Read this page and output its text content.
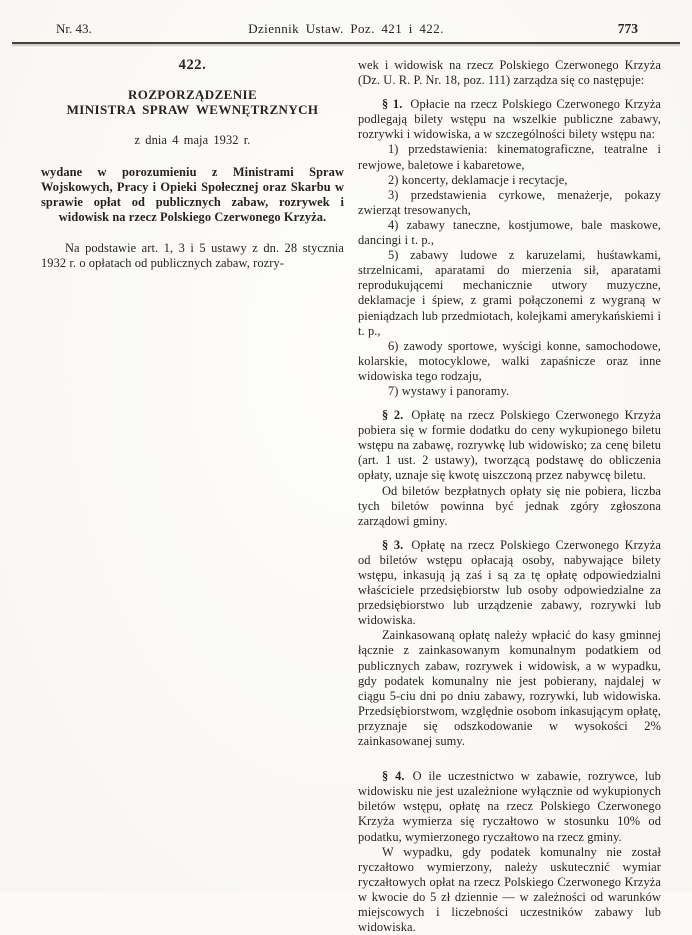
Nr. 43.	Dziennik Ustaw. Poz. 421 i 422.	773

422.

ROZPORZĄDZENIE

MINISTRA SPRAW WEWNĘTRZNYCH

z dnia 4 maja 1932 r.

wydane w porozumieniu z Ministrami Spraw Wojskowych, Pracy i Opieki Społecznej oraz Skarbu w sprawie opłat od publicznych zabaw, rozrywek i widowisk na rzecz Polskiego Czerwonego Krzyża.

Na podstawie art. 1, 3 i 5 ustawy z dn. 28 stycznia 1932 r. o opłatach od publicznych zabaw, rozry-

wek i widowisk na rzecz Polskiego Czerwonego Krzyża (Dz. U. R. P. Nr. 18, poz. 111) zarządza się co następuje:

§ 1. Opłacie na rzecz Polskiego Czerwonego Krzyża podlegają bilety wstępu na wszelkie publiczne zabawy, rozrywki i widowiska, a w szczególności bilety wstępu na:

1) przedstawienia: kinematograficzne, teatralne i rewjowe, baletowe i kabaretowe,

2) koncerty, deklamacje i recytacje,

3) przedstawienia cyrkowe, menażerje, pokazy zwierząt tresowanych,

4) zabawy taneczne, kostjumowe, bale maskowe, dancingi i t. p.,

5) zabawy ludowe z karuzelami, huśtawkami, strzelnicami, aparatami do mierzenia sił, aparatami reprodukującemi mechanicznie utwory muzyczne, deklamacje i śpiew, z grami połączonemi z wygraną w pieniądzach lub przedmiotach, kolejkami amerykańskiemi i t. p.,

6) zawody sportowe, wyścigi konne, samochodowe, kolarskie, motocyklowe, walki zapaśnicze oraz inne widowiska tego rodzaju,

7) wystawy i panoramy.

§ 2. Opłatę na rzecz Polskiego Czerwonego Krzyża pobiera się w formie dodatku do ceny wykupionego biletu wstępu na zabawę, rozrywkę lub widowisko; za cenę biletu (art. 1 ust. 2 ustawy), tworzącą podstawę do obliczenia opłaty, uznaje się kwotę uiszczoną przez nabywcę biletu.

Od biletów bezpłatnych opłaty się nie pobiera, liczba tych biletów powinna być jednak zgóry zgłoszona zarządowi gminy.

§ 3. Opłatę na rzecz Polskiego Czerwonego Krzyża od biletów wstępu opłacają osoby, nabywające bilety wstępu, inkasują ją zaś i są za tę opłatę odpowiedzialni właściciele przedsiębiorstw lub osoby odpowiedzialne za przedsiębiorstwo lub urządzenie zabawy, rozrywki lub widowiska.

Zainkasowaną opłatę należy wpłacić do kasy gminnej łącznie z zainkasowanym komunalnym podatkiem od publicznych zabaw, rozrywek i widowisk, a w wypadku, gdy podatek komunalny nie jest pobierany, najdalej w ciągu 5-ciu dni po dniu zabawy, rozrywki, lub widowiska. Przedsiębiorstwom, względnie osobom inkasującym opłatę, przyznaje się odszkodowanie w wysokości 2% zainkasowanej sumy.

§ 4. O ile uczestnictwo w zabawie, rozrywce, lub widowisku nie jest uzależnione wyłącznie od wykupionych biletów wstępu, opłatę na rzecz Polskiego Czerwonego Krzyża wymierza się ryczałtowo w stosunku 10% od podatku, wymierzonego ryczałtowo na rzecz gminy.

W wypadku, gdy podatek komunalny nie został ryczałtowo wymierzony, należy uskutecznić wymiar ryczałtowych opłat na rzecz Polskiego Czerwonego Krzyża w kwocie do 5 zł dziennie — w zależności od warunków miejscowych i liczebności uczestników zabawy lub widowiska.
